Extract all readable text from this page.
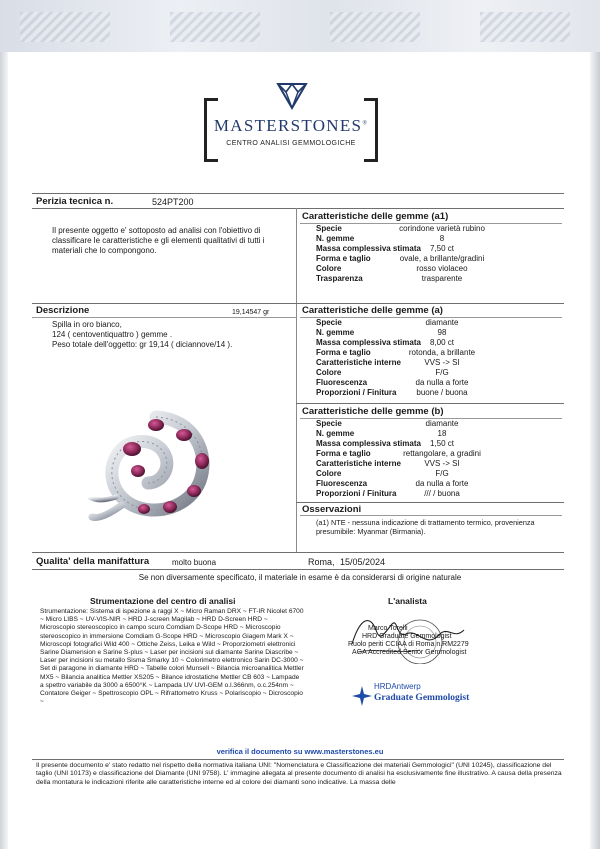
MASTERSTONES®
CENTRO ANALISI GEMMOLOGICHE
Perizia tecnica n.	524PT200
Il presente oggetto e' sottoposto ad analisi con l'obiettivo di classificare le caratteristiche e gli elementi qualitativi di tutti i materiali che lo compongono.
Caratteristiche delle gemme (a1)
Specie	corindone varietà rubino
N. gemme	8
Massa complessiva stimata	7,50 ct
Forma e taglio	ovale, a brillante/gradini
Colore	rosso violaceo
Trasparenza	trasparente
Descrizione	19,14547 gr
Spilla in oro bianco,
124 ( centoventiquattro ) gemme .
Peso totale dell'oggetto: gr 19,14 ( diciannove/14 ).
Caratteristiche delle gemme (a)
Specie	diamante
N. gemme	98
Massa complessiva stimata	8,00 ct
Forma e taglio	rotonda, a brillante
Caratteristiche interne	VVS -> SI
Colore	F/G
Fluorescenza	da nulla a forte
Proporzioni / Finitura	buone / buona
Caratteristiche delle gemme (b)
Specie	diamante
N. gemme	18
Massa complessiva stimata	1,50 ct
Forma e taglio	rettangolare, a gradini
Caratteristiche interne	VVS -> SI
Colore	F/G
Fluorescenza	da nulla a forte
Proporzioni / Finitura	/// / buona
Osservazioni
(a1) NTE - nessuna indicazione di trattamento termico, provenienza
presumibile: Myanmar (Birmania).
Qualita' della manifattura	molto buona	Roma, 15/05/2024
Se non diversamente specificato, il materiale in esame è da considerarsi di origine naturale
Strumentazione del centro di analisi
Strumentazione: Sistema di ispezione a raggi X ~ Micro Raman DRX ~ FT-IR Nicolet 6700 ~ Micro LIBS ~ UV-VIS-NIR ~ HRD J-screen Magilab ~ HRD D-Screen HRD ~ Microscopio stereoscopico in campo scuro Comdiam D-Scope HRD ~ Microscopio stereoscopico in immersione Comdiam G-Scope HRD ~ Microscopio Giagem Mark X ~ Microscopi fotografici Wild 400 ~ Ottiche Zeiss, Leika e Wild ~ Proporziometri elettronici Sarine Diamension e Sarine S-plus ~ Laser per incisioni sul diamante Sarine Diascribe ~ Laser per incisioni su metallo Sisma Smarky 10 ~ Colorimetro elettronico Sarin DC-3000 ~ Set di paragone in diamante HRD ~ Tabelle colori Munsell ~ Bilancia microanalitica Mettler MX5 ~ Bilancia analitica Mettler XS205 ~ Bilance idrostatiche Mettler CB 603 ~ Lampade a spettro variabile da 3000 a 6500°K ~ Lampada UV UVI-GEM o.l.366nm, o.c.254nm ~ Contatore Geiger ~ Spettroscopio OPL ~ Rifrattometro Kruss ~ Polariscopio ~ Dicroscopio ~
L'analista
Marco Torelli
HRD Graduate Gemmologist
Ruolo periti CCIAA di Roma n.RM2279
AGA Accredited Senior Gemmologist
HRDAntwerp
Graduate Gemmologist
verifica il documento su www.masterstones.eu
Il presente documento e' stato redatto nel rispetto della normativa italiana UNI: "Nomenclatura e Classificazione dei materiali Gemmologici" (UNI 10245), classificazione del taglio (UNI 10173) e classificazione del Diamante (UNI 9758). L' immagine allegata al presente documento di analisi ha esclusivamente fine illustrativo. A causa della presenza della montatura le indicazioni riferite alle caratteristiche interne ed al colore dei diamanti sono indicative. La massa delle
